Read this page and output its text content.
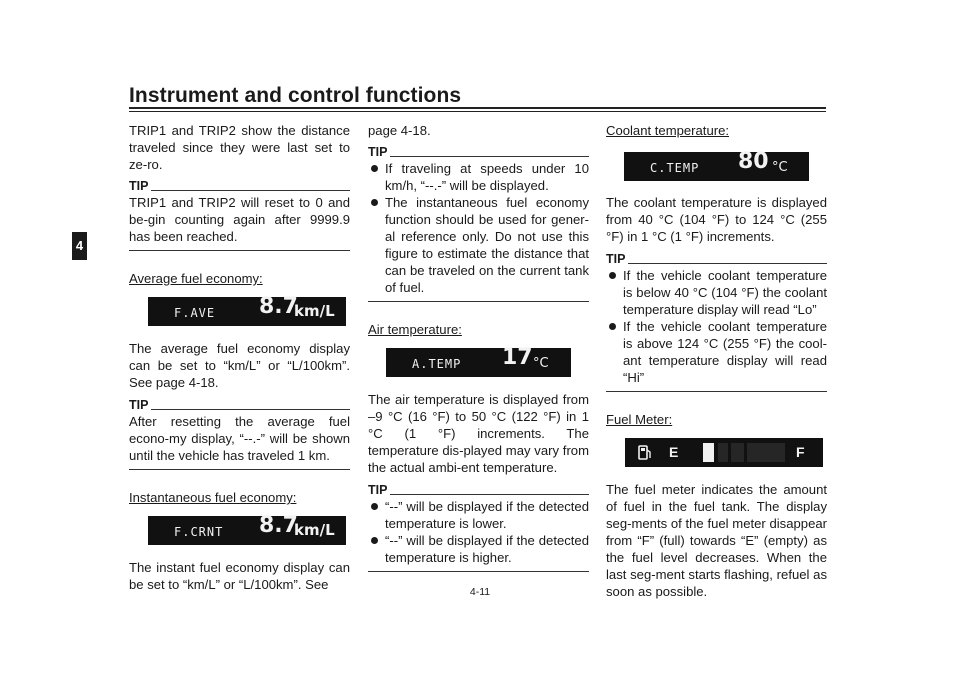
Instrument and control functions
4
4-11

TRIP1 and TRIP2 show the distance traveled since they were last set to ze-ro.

TIP

TRIP1 and TRIP2 will reset to 0 and be-gin counting again after 9999.9 has been reached.

Average fuel economy:

F.AVE 8.7
km/L

The average fuel economy display can be set to “km/L” or “L/100km”. See page 4-18.

TIP

After resetting the average fuel econo-my display, “--.-” will be shown until the vehicle has traveled 1 km.

Instantaneous fuel economy:

F.CRNT 8.7
km/L

The instant fuel economy display can be set to “km/L” or “L/100km”. See

page 4-18.

TIP
If traveling at speeds under 10 km/h, “--.-” will be displayed.
The instantaneous fuel economy function should be used for gener-al reference only. Do not use this figure to estimate the distance that can be traveled on the current tank of fuel.

Air temperature:

A.TEMP 17 °C

The air temperature is displayed from –9 °C (16 °F) to 50 °C (122 °F) in 1 °C (1 °F) increments. The temperature dis-played may vary from the actual ambi-ent temperature.

TIP
“--” will be displayed if the detected temperature is lower.
“--” will be displayed if the detected temperature is higher.

Coolant temperature:

C.TEMP 80 °C

The coolant temperature is displayed from 40 °C (104 °F) to 124 °C (255 °F) in 1 °C (1 °F) increments.

TIP
If the vehicle coolant temperature is below 40 °C (104 °F) the coolant temperature display will read “Lo”
If the vehicle coolant temperature is above 124 °C (255 °F) the cool-ant temperature display will read “Hi”

Fuel Meter:

E	F

The fuel meter indicates the amount of fuel in the fuel tank. The display seg-ments of the fuel meter disappear from “F” (full) towards “E” (empty) as the fuel level decreases. When the last seg-ment starts flashing, refuel as soon as possible.
